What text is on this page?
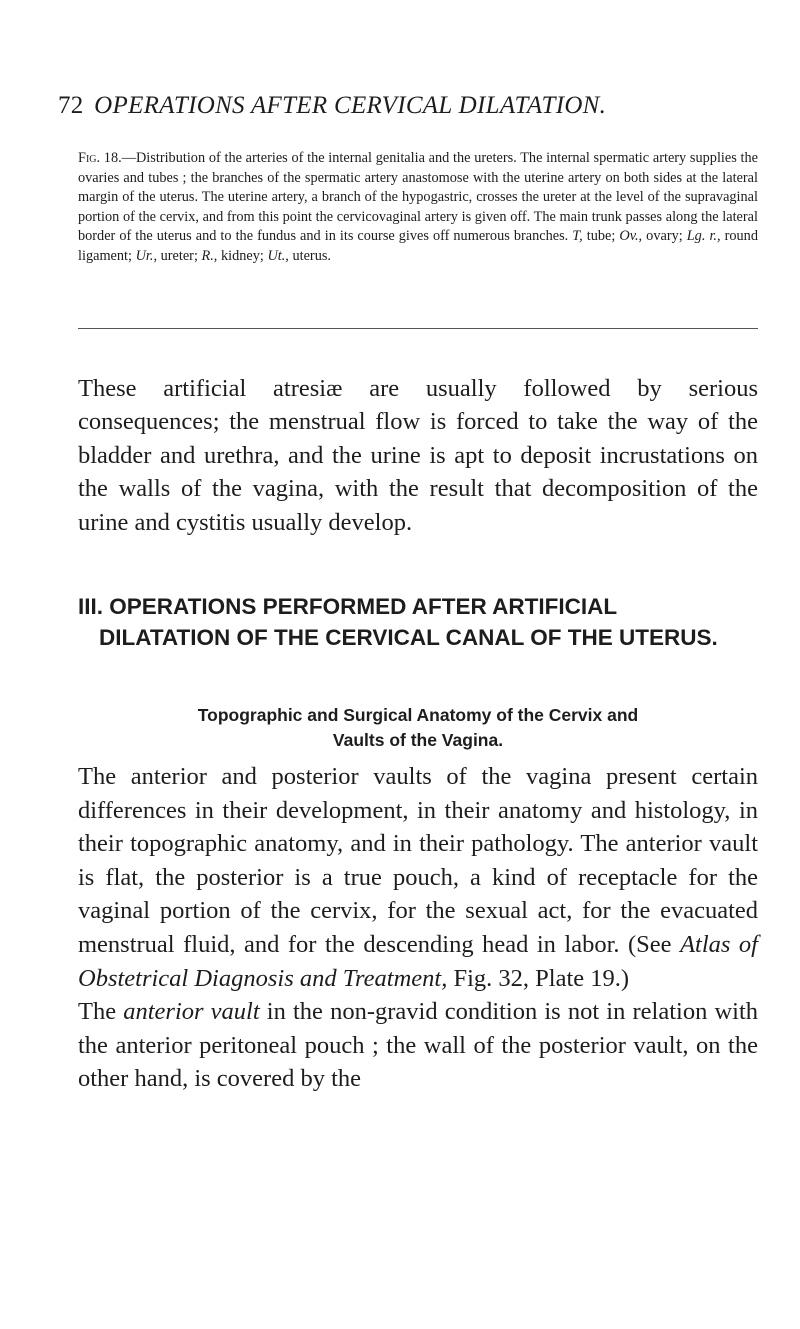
72 OPERATIONS AFTER CERVICAL DILATATION.
Fig. 18.—Distribution of the arteries of the internal genitalia and the ureters. The internal spermatic artery supplies the ovaries and tubes ; the branches of the spermatic artery anastomose with the uterine artery on both sides at the lateral margin of the uterus. The uterine artery, a branch of the hypogastric, crosses the ureter at the level of the supravaginal portion of the cervix, and from this point the cervicovaginal artery is given off. The main trunk passes along the lateral border of the uterus and to the fundus and in its course gives off numerous branches. T, tube; Ov., ovary; Lg. r., round ligament; Ur., ureter; R., kidney; Ut., uterus.

These artificial atresiæ are usually followed by serious consequences; the menstrual flow is forced to take the way of the bladder and urethra, and the urine is apt to deposit incrustations on the walls of the vagina, with the result that decomposition of the urine and cystitis usually develop.

III. OPERATIONS PERFORMED AFTER ARTIFICIAL
DILATATION OF THE CERVICAL CANAL OF THE UTERUS.
Topographic and Surgical Anatomy of the Cervix and
Vaults of the Vagina.
The anterior and posterior vaults of the vagina present certain differences in their development, in their anatomy and histology, in their topographic anatomy, and in their pathology. The anterior vault is flat, the posterior is a true pouch, a kind of receptacle for the vaginal portion of the cervix, for the sexual act, for the evacuated menstrual fluid, and for the descending head in labor. (See Atlas of Obstetrical Diagnosis and Treatment, Fig. 32, Plate 19.)
The anterior vault in the non-gravid condition is not in relation with the anterior peritoneal pouch ; the wall of the posterior vault, on the other hand, is covered by the
